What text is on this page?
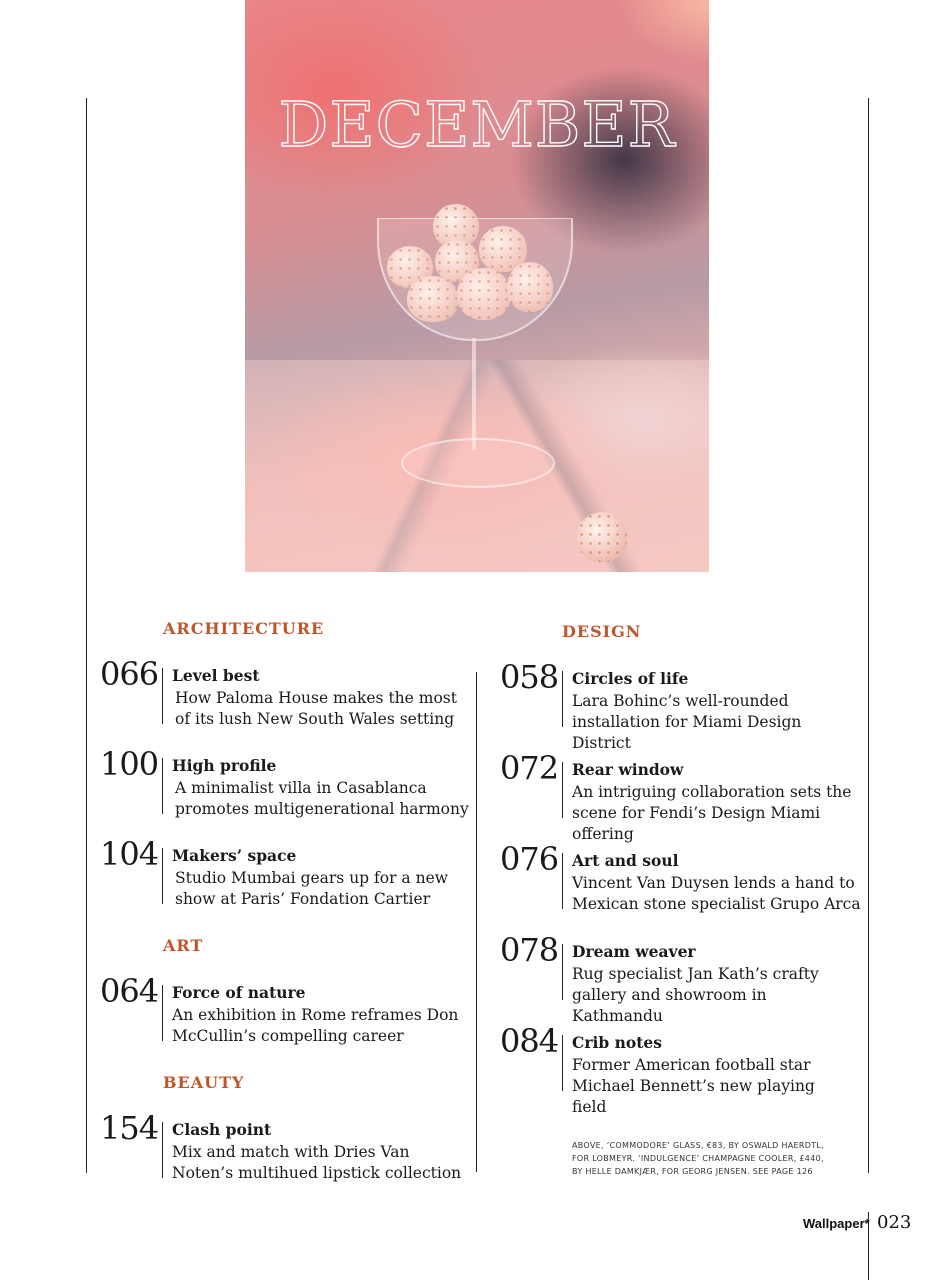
DECEMBER
ARCHITECTURE
066 Level best
How Paloma House makes the most of its lush New South Wales setting
100 High profile
A minimalist villa in Casablanca promotes multigenerational harmony
104 Makers’ space
Studio Mumbai gears up for a new show at Paris’ Fondation Cartier
ART
064 Force of nature
An exhibition in Rome reframes Don McCullin’s compelling career
BEAUTY
154 Clash point
Mix and match with Dries Van Noten’s multihued lipstick collection
DESIGN
058 Circles of life
Lara Bohinc’s well-rounded installation for Miami Design District
072 Rear window
An intriguing collaboration sets the scene for Fendi’s Design Miami offering
076 Art and soul
Vincent Van Duysen lends a hand to Mexican stone specialist Grupo Arca
078 Dream weaver
Rug specialist Jan Kath’s crafty gallery and showroom in Kathmandu
084 Crib notes
Former American football star Michael Bennett’s new playing field
ABOVE, ‘COMMODORE’ GLASS, €83, BY OSWALD HAERDTL, FOR LOBMEYR. ‘INDULGENCE’ CHAMPAGNE COOLER, £440, BY HELLE DAMKJÆR, FOR GEORG JENSEN. SEE PAGE 126
Wallpaper* 023
